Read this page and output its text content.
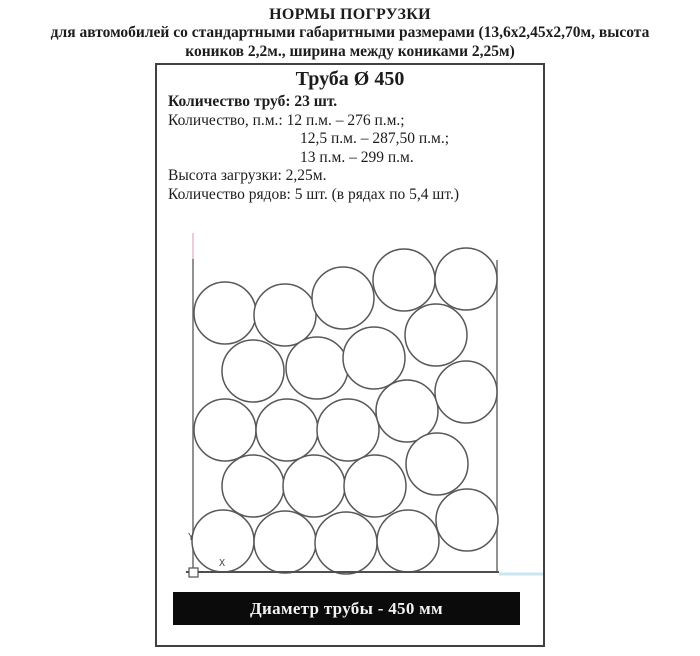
НОРМЫ ПОГРУЗКИ
для автомобилей со стандартными габаритными размерами (13,6х2,45х2,70м, высота
коников 2,2м., ширина между кониками 2,25м)
Труба Ø 450
Количество труб: 23 шт.
Количество, п.м.: 12 п.м. – 276 п.м.;
12,5 п.м. – 287,50 п.м.;
13 п.м. – 299 п.м.
Высота загрузки: 2,25м.
Количество рядов: 5 шт. (в рядах по 5,4 шт.)
Y
X
Диаметр трубы - 450 мм
